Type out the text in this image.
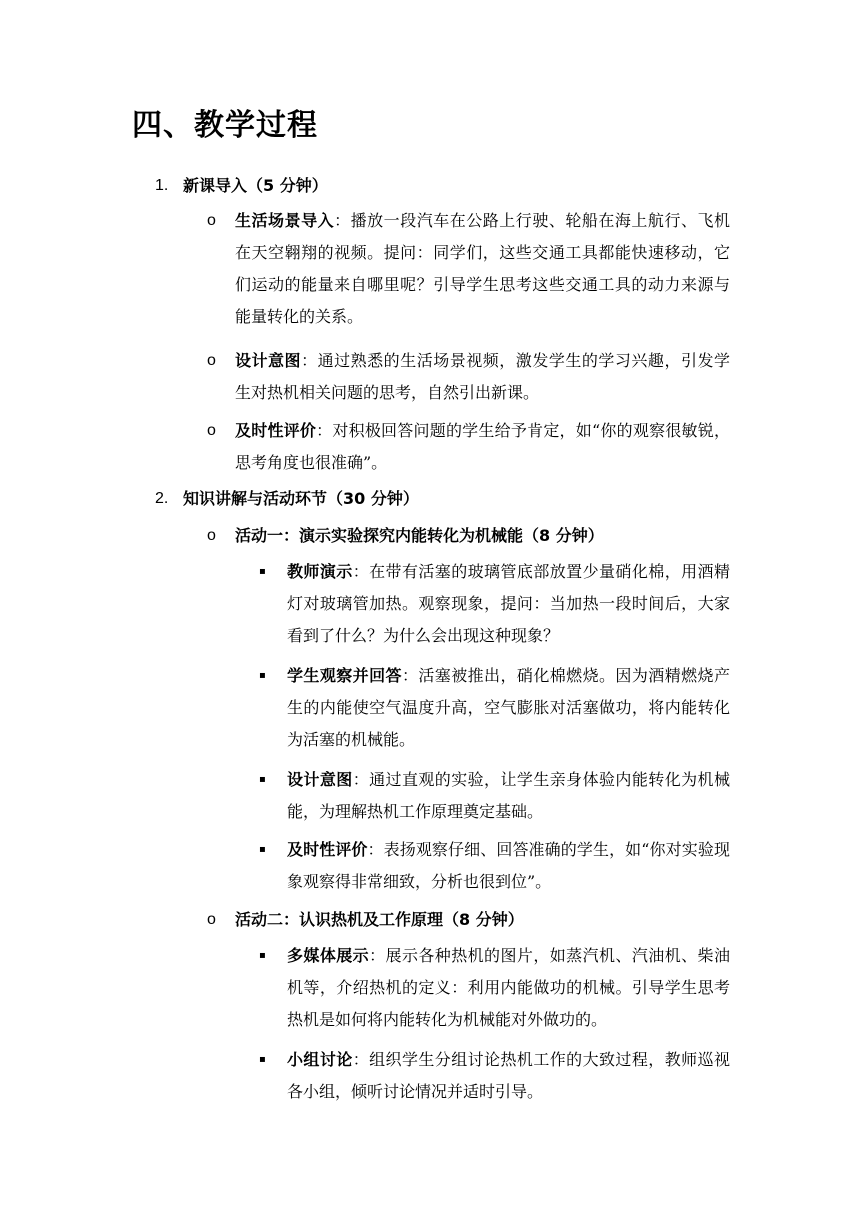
四、教学过程
1. 新课导入（5 分钟）
o 生活场景导入：播放一段汽车在公路上行驶、轮船在海上航行、飞机在天空翱翔的视频。提问：同学们，这些交通工具都能快速移动，它们运动的能量来自哪里呢？引导学生思考这些交通工具的动力来源与能量转化的关系。

o 设计意图：通过熟悉的生活场景视频，激发学生的学习兴趣，引发学生对热机相关问题的思考，自然引出新课。

o 及时性评价：对积极回答问题的学生给予肯定，如“你的观察很敏锐，思考角度也很准确”。

2. 知识讲解与活动环节（30 分钟）
o 活动一：演示实验探究内能转化为机械能（8 分钟）

▪ 教师演示：在带有活塞的玻璃管底部放置少量硝化棉，用酒精灯对玻璃管加热。观察现象，提问：当加热一段时间后，大家看到了什么？为什么会出现这种现象？

▪ 学生观察并回答：活塞被推出，硝化棉燃烧。因为酒精燃烧产生的内能使空气温度升高，空气膨胀对活塞做功，将内能转化为活塞的机械能。

▪ 设计意图：通过直观的实验，让学生亲身体验内能转化为机械能，为理解热机工作原理奠定基础。

▪ 及时性评价：表扬观察仔细、回答准确的学生，如“你对实验现象观察得非常细致，分析也很到位”。

o 活动二：认识热机及工作原理（8 分钟）

▪ 多媒体展示：展示各种热机的图片，如蒸汽机、汽油机、柴油机等，介绍热机的定义：利用内能做功的机械。引导学生思考热机是如何将内能转化为机械能对外做功的。

▪ 小组讨论：组织学生分组讨论热机工作的大致过程，教师巡视各小组，倾听讨论情况并适时引导。
